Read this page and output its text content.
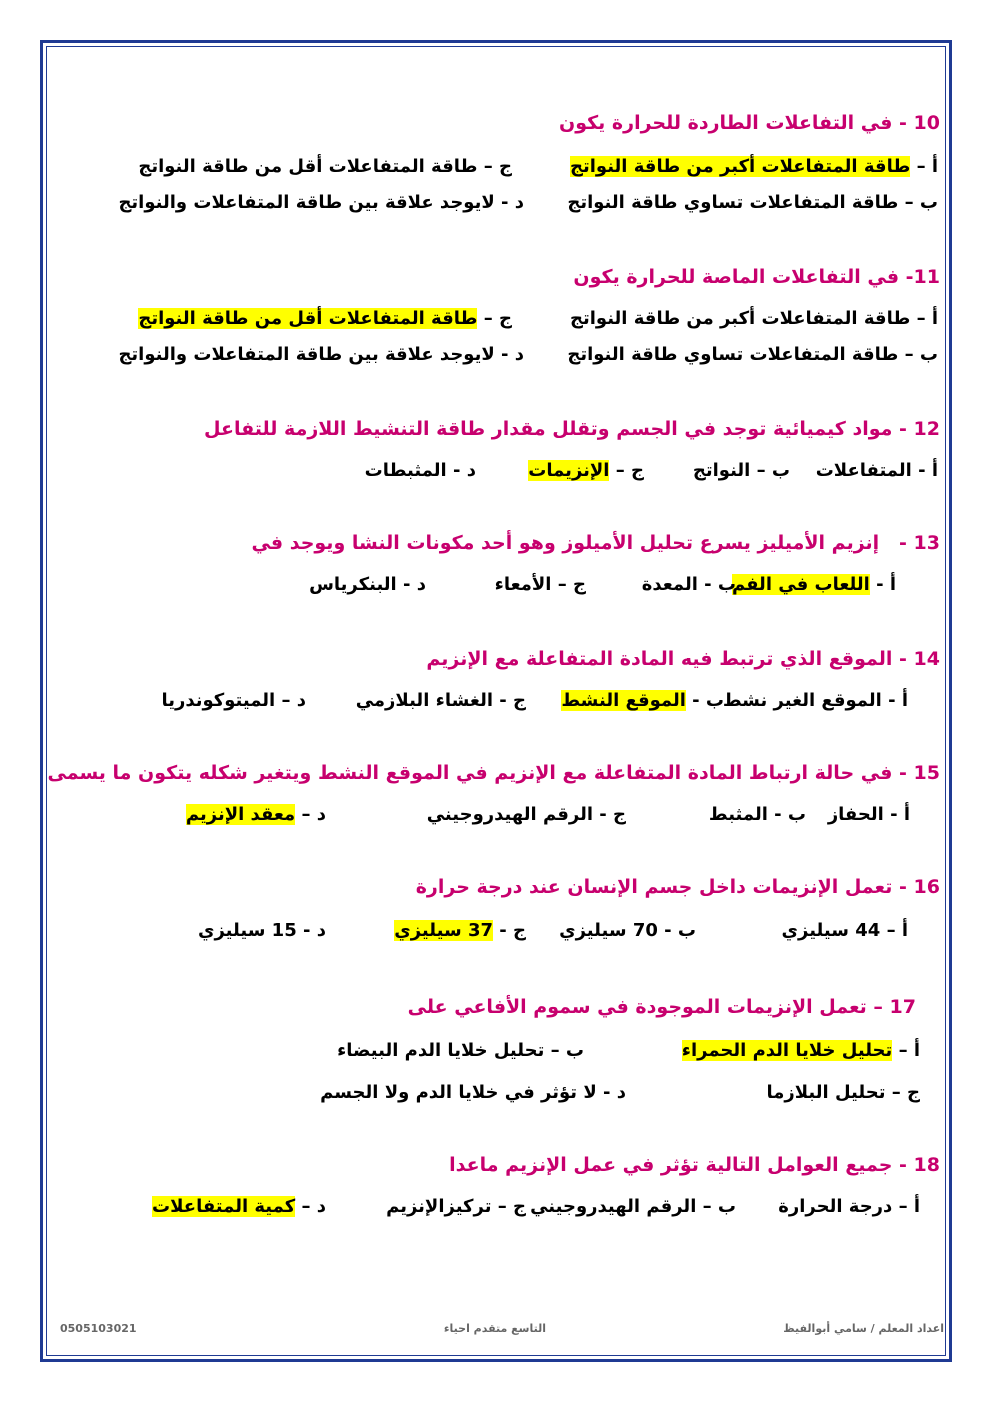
10 - في التفاعلات الطاردة للحرارة يكون
أ – طاقة المتفاعلات أكبر من طاقة النواتج
ج – طاقة المتفاعلات أقل من طاقة النواتج
ب – طاقة المتفاعلات تساوي طاقة النواتج
د - لايوجد علاقة بين طاقة المتفاعلات والنواتج
11- في التفاعلات الماصة للحرارة يكون
أ – طاقة المتفاعلات أكبر من طاقة النواتج
ج – طاقة المتفاعلات أقل من طاقة النواتج
ب – طاقة المتفاعلات تساوي طاقة النواتج
د - لايوجد علاقة بين طاقة المتفاعلات والنواتج
12 - مواد كيميائية توجد في الجسم وتقلل مقدار طاقة التنشيط اللازمة للتفاعل
أ - المتفاعلات
ب – النواتج
ج – الإنزيمات
د - المثبطات
13 -   إنزيم الأميليز يسرع تحليل الأميلوز وهو أحد مكونات النشا ويوجد في
أ - اللعاب في الفم
ب - المعدة
ج – الأمعاء
د - البنكرياس
14 - الموقع الذي ترتبط فيه المادة المتفاعلة مع الإنزيم
أ - الموقع الغير نشط
ب - الموقع النشط
ج - الغشاء البلازمي
د – الميتوكوندريا
15 - في حالة ارتباط المادة المتفاعلة مع الإنزيم في الموقع النشط ويتغير شكله يتكون ما يسمى
أ - الحفاز
ب - المثبط
ج - الرقم الهيدروجيني
د – معقد الإنزيم
16 - تعمل الإنزيمات داخل جسم الإنسان عند درجة حرارة
أ – 44 سيليزي
ب - 70 سيليزي
ج - 37 سيليزي
د - 15 سيليزي
17 – تعمل الإنزيمات الموجودة في سموم الأفاعي على
أ – تحليل خلايا الدم الحمراء
ب – تحليل خلايا الدم البيضاء
ج – تحليل البلازما
د - لا تؤثر في خلايا الدم ولا الجسم
18 - جميع العوامل التالية تؤثر في عمل الإنزيم ماعدا
أ – درجة الحرارة
ب – الرقم الهيدروجيني
ج – تركيزالإنزيم
د – كمية المتفاعلات
اعداد المعلم / سامي أبوالفيظ
التاسع متقدم احياء
0505103021
